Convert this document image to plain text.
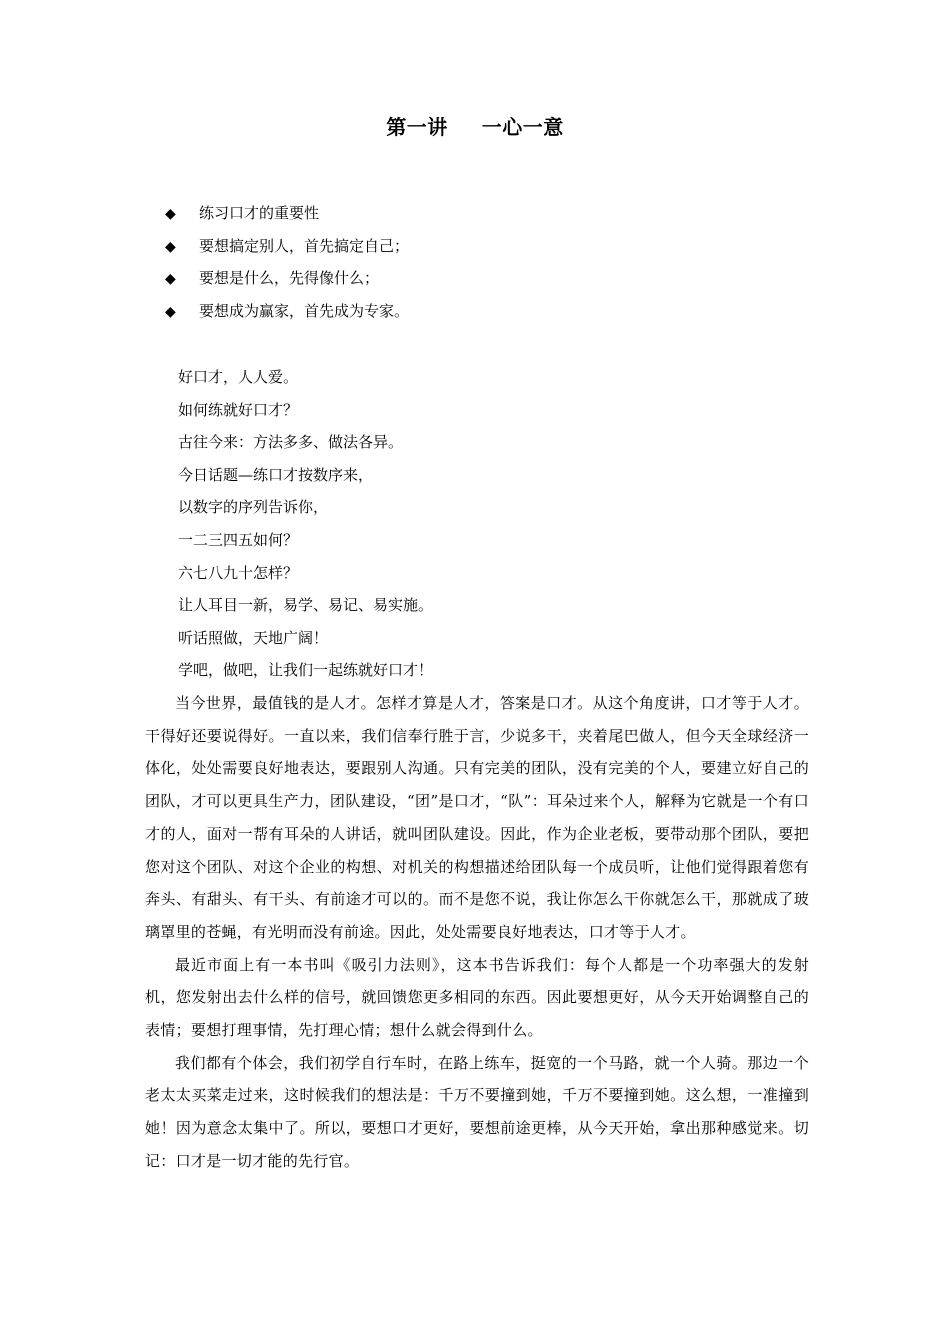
第一讲 一心一意
◆ 练习口才的重要性
◆ 要想搞定别人，首先搞定自己；
◆ 要想是什么，先得像什么；
◆ 要想成为赢家，首先成为专家。
好口才，人人爱。
如何练就好口才？
古往今来：方法多多、做法各异。
今日话题—练口才按数序来，
以数字的序列告诉你，
一二三四五如何？
六七八九十怎样？
让人耳目一新，易学、易记、易实施。
听话照做，天地广阔！
学吧，做吧，让我们一起练就好口才！

当今世界，最值钱的是人才。怎样才算是人才，答案是口才。从这个角度讲，口才等于人才。干得好还要说得好。一直以来，我们信奉行胜于言，少说多干，夹着尾巴做人，但今天全球经济一体化，处处需要良好地表达，要跟别人沟通。只有完美的团队，没有完美的个人，要建立好自己的团队，才可以更具生产力，团队建设，“团”是口才，“队”：耳朵过来个人，解释为它就是一个有口才的人，面对一帮有耳朵的人讲话，就叫团队建设。因此，作为企业老板，要带动那个团队，要把您对这个团队、对这个企业的构想、对机关的构想描述给团队每一个成员听，让他们觉得跟着您有奔头、有甜头、有干头、有前途才可以的。而不是您不说，我让你怎么干你就怎么干，那就成了玻璃罩里的苍蝇，有光明而没有前途。因此，处处需要良好地表达，口才等于人才。

最近市面上有一本书叫《吸引力法则》，这本书告诉我们：每个人都是一个功率强大的发射机，您发射出去什么样的信号，就回馈您更多相同的东西。因此要想更好，从今天开始调整自己的表情；要想打理事情，先打理心情；想什么就会得到什么。

我们都有个体会，我们初学自行车时，在路上练车，挺宽的一个马路，就一个人骑。那边一个老太太买菜走过来，这时候我们的想法是：千万不要撞到她，千万不要撞到她。这么想，一准撞到她！因为意念太集中了。所以，要想口才更好，要想前途更棒，从今天开始，拿出那种感觉来。切记：口才是一切才能的先行官。
